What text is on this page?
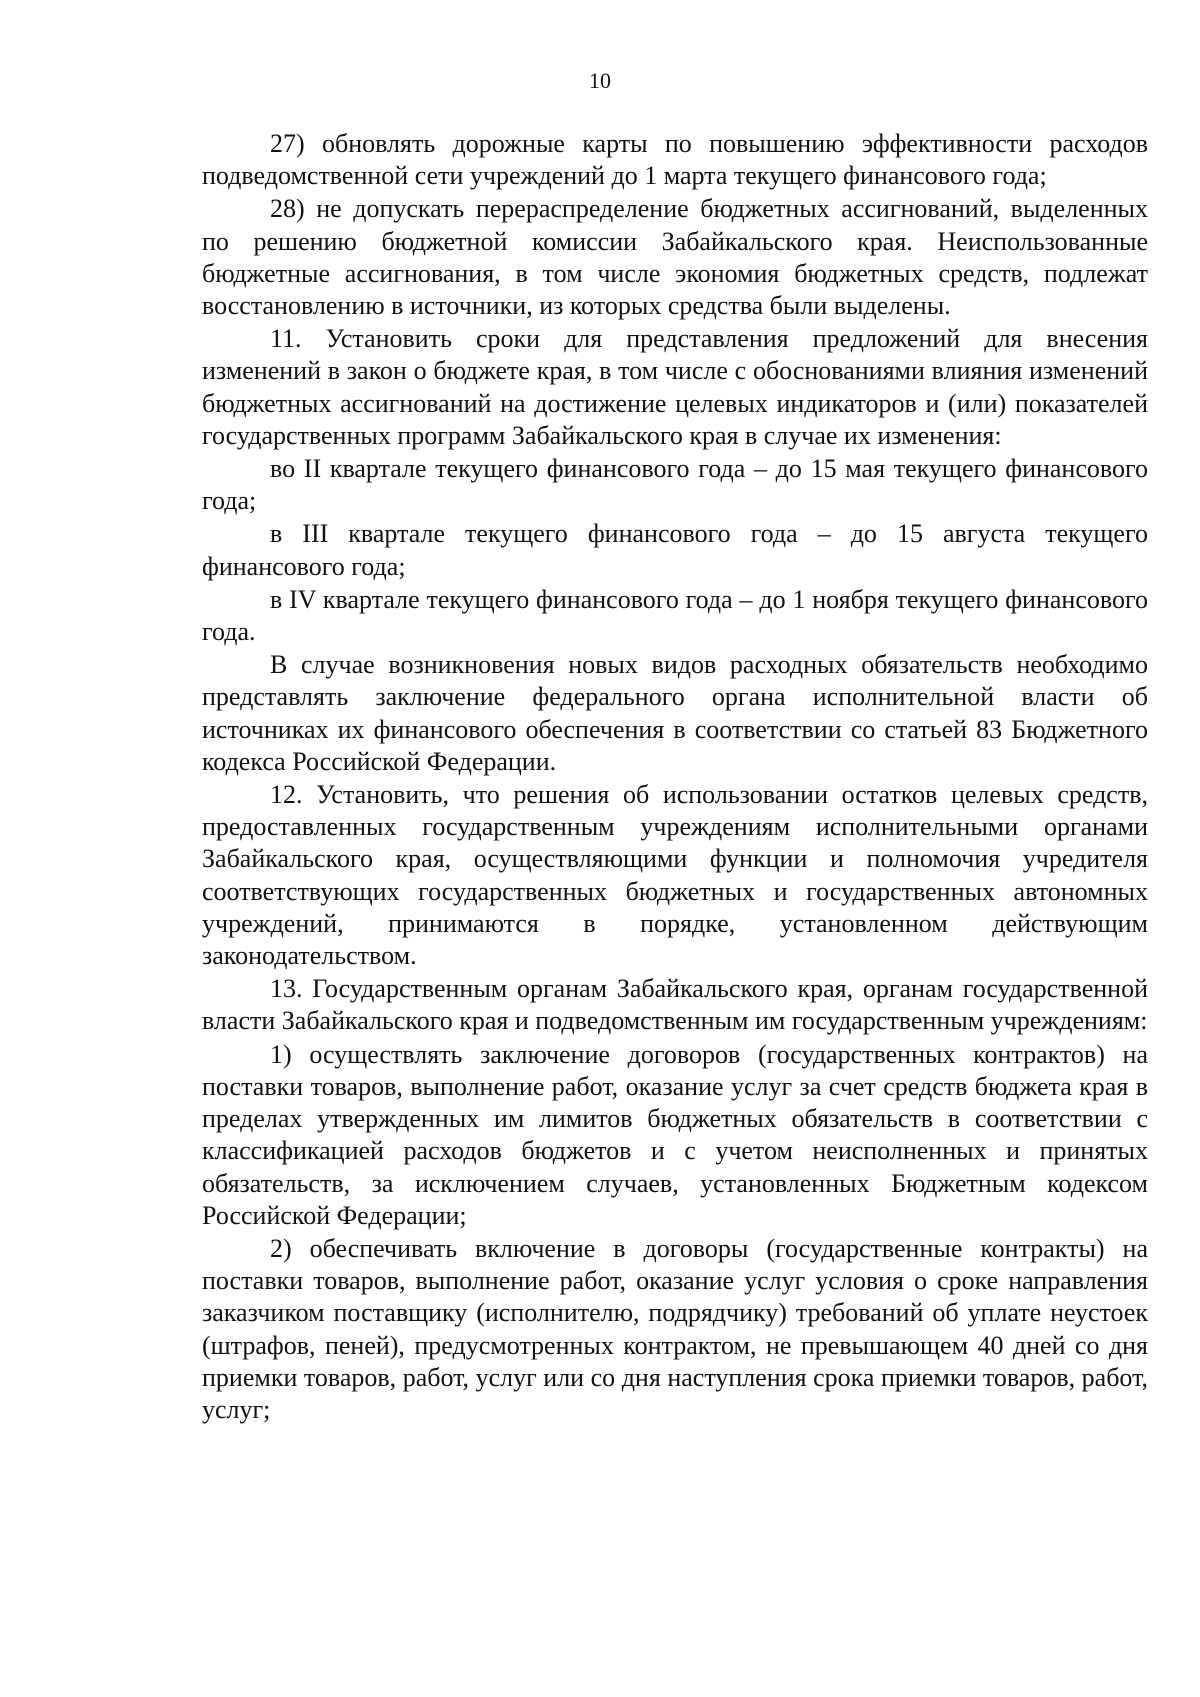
10

27) обновлять дорожные карты по повышению эффективности расходов подведомственной сети учреждений до 1 марта текущего финансового года;

28) не допускать перераспределение бюджетных ассигнований, выделенных по решению бюджетной комиссии Забайкальского края. Неиспользованные бюджетные ассигнования, в том числе экономия бюджетных средств, подлежат восстановлению в источники, из которых средства были выделены.

11. Установить сроки для представления предложений для внесения изменений в закон о бюджете края, в том числе с обоснованиями влияния изменений бюджетных ассигнований на достижение целевых индикаторов и (или) показателей государственных программ Забайкальского края в случае их изменения:

во II квартале текущего финансового года – до 15 мая текущего финансового года;

в III квартале текущего финансового года – до 15 августа текущего финансового года;

в IV квартале текущего финансового года – до 1 ноября текущего финансового года.

В случае возникновения новых видов расходных обязательств необходимо представлять заключение федерального органа исполнительной власти об источниках их финансового обеспечения в соответствии со статьей 83 Бюджетного кодекса Российской Федерации.

12. Установить, что решения об использовании остатков целевых средств, предоставленных государственным учреждениям исполнительными органами Забайкальского края, осуществляющими функции и полномочия учредителя соответствующих государственных бюджетных и государственных автономных учреждений, принимаются в порядке, установленном действующим законодательством.

13. Государственным органам Забайкальского края, органам государственной власти Забайкальского края и подведомственным им государственным учреждениям:

1) осуществлять заключение договоров (государственных контрактов) на поставки товаров, выполнение работ, оказание услуг за счет средств бюджета края в пределах утвержденных им лимитов бюджетных обязательств в соответствии с классификацией расходов бюджетов и с учетом неисполненных и принятых обязательств, за исключением случаев, установленных Бюджетным кодексом Российской Федерации;

2) обеспечивать включение в договоры (государственные контракты) на поставки товаров, выполнение работ, оказание услуг условия о сроке направления заказчиком поставщику (исполнителю, подрядчику) требований об уплате неустоек (штрафов, пеней), предусмотренных контрактом, не превышающем 40 дней со дня приемки товаров, работ, услуг или со дня наступления срока приемки товаров, работ, услуг;
